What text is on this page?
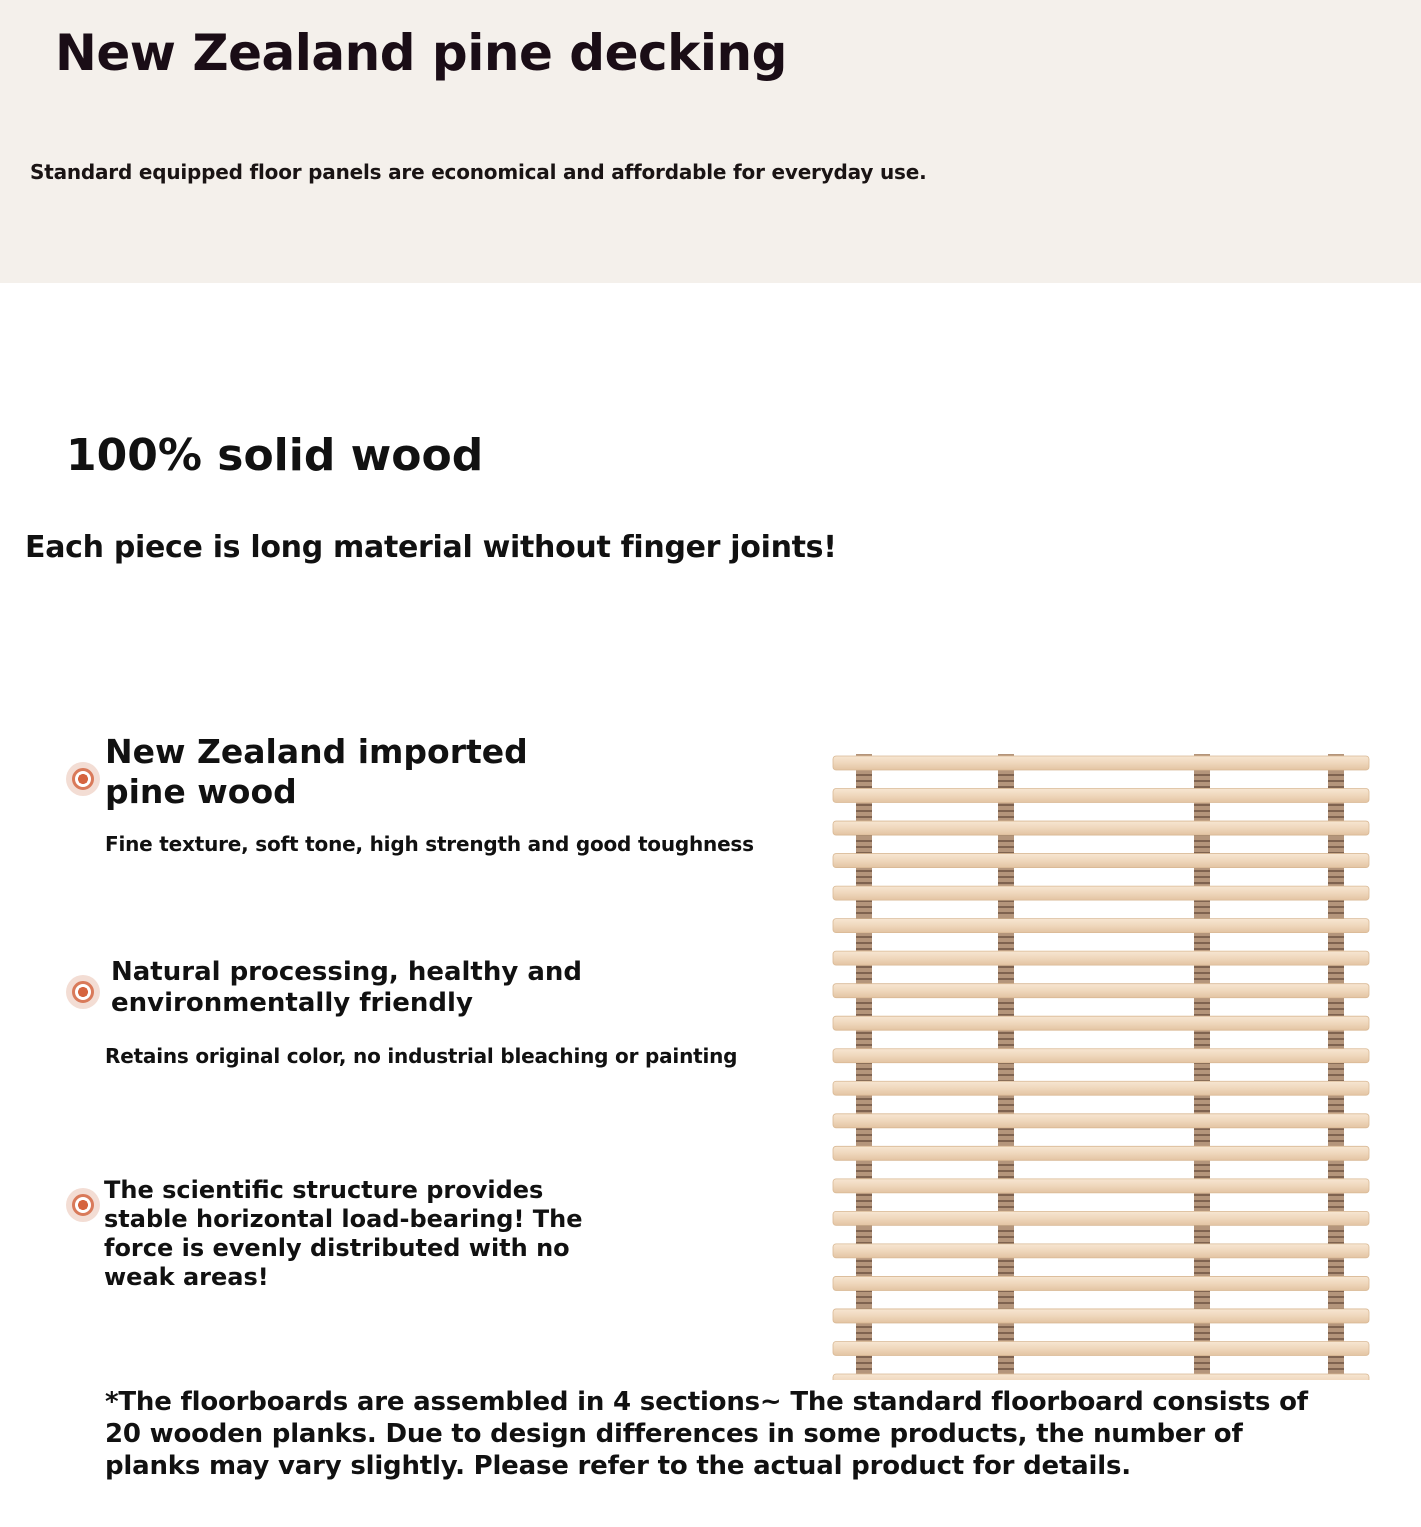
New Zealand pine decking

Standard equipped floor panels are economical and affordable for everyday use.

100% solid wood

Each piece is long material without finger joints!

New Zealand imported
pine wood

Fine texture, soft tone, high strength and good toughness

Natural processing, healthy and
environmentally friendly

Retains original color, no industrial bleaching or painting

The scientific structure provides
stable horizontal load-bearing! The
force is evenly distributed with no
weak areas!

*The floorboards are assembled in 4 sections~ The standard floorboard consists of 20 wooden planks. Due to design differences in some products, the number of planks may vary slightly. Please refer to the actual product for details.
